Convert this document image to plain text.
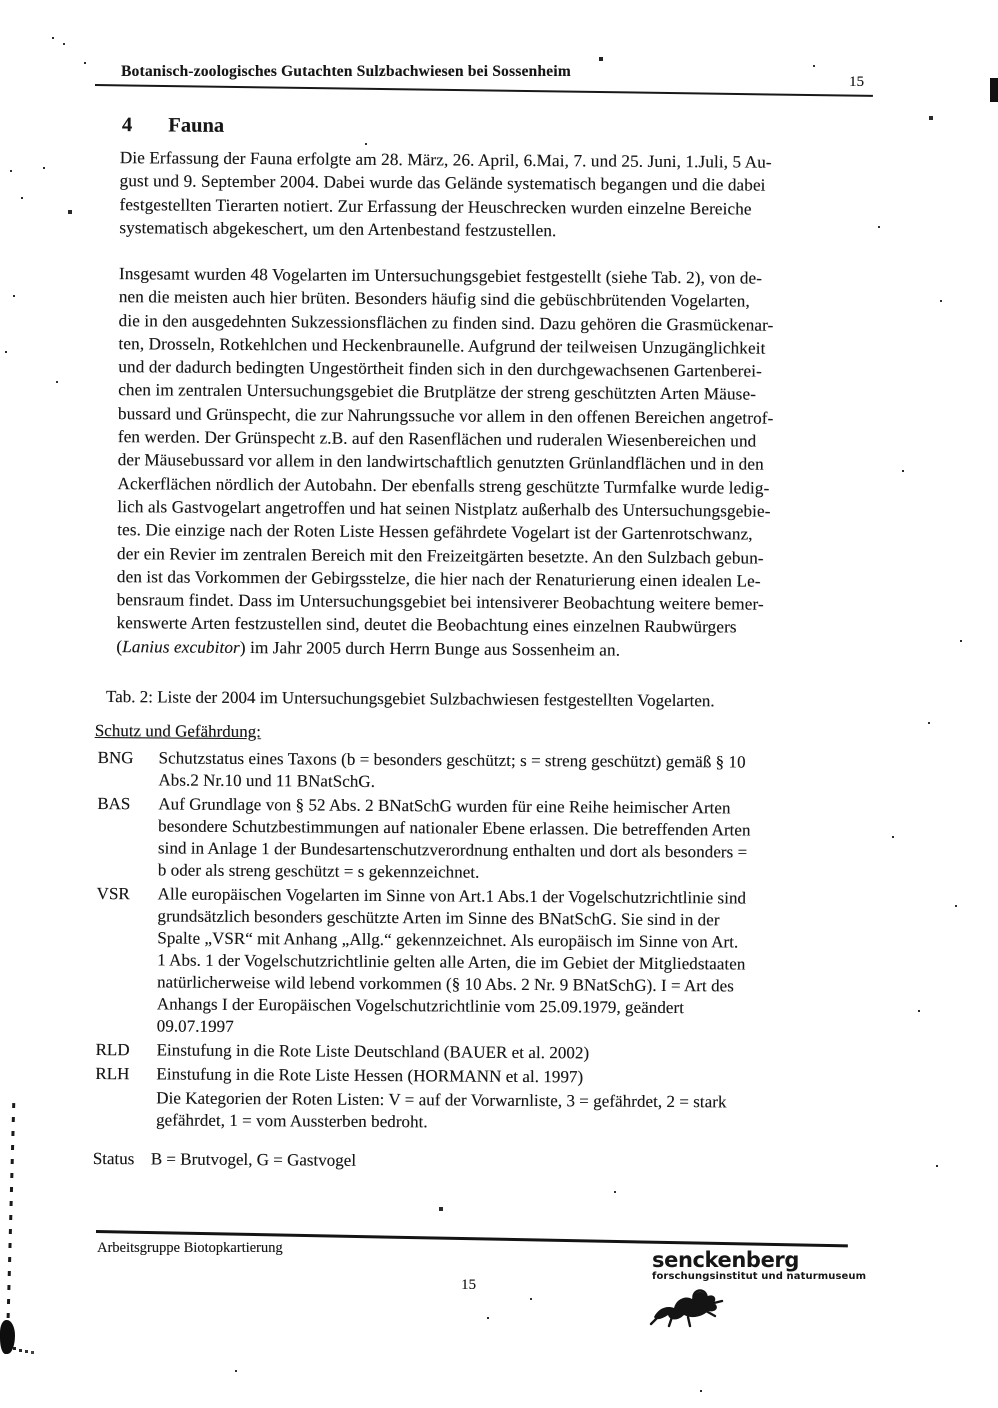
Botanisch-zoologisches Gutachten Sulzbachwiesen bei Sossenheim
15
4 Fauna
Die Erfassung der Fauna erfolgte am 28. März, 26. April, 6.Mai, 7. und 25. Juni, 1.Juli, 5 Au-
gust und 9. September 2004. Dabei wurde das Gelände systematisch begangen und die dabei
festgestellten Tierarten notiert. Zur Erfassung der Heuschrecken wurden einzelne Bereiche
systematisch abgekeschert, um den Artenbestand festzustellen.
Insgesamt wurden 48 Vogelarten im Untersuchungsgebiet festgestellt (siehe Tab. 2), von de-
nen die meisten auch hier brüten. Besonders häufig sind die gebüschbrütenden Vogelarten,
die in den ausgedehnten Sukzessionsflächen zu finden sind. Dazu gehören die Grasmückenar-
ten, Drosseln, Rotkehlchen und Heckenbraunelle. Aufgrund der teilweisen Unzugänglichkeit
und der dadurch bedingten Ungestörtheit finden sich in den durchgewachsenen Gartenberei-
chen im zentralen Untersuchungsgebiet die Brutplätze der streng geschützten Arten Mäuse-
bussard und Grünspecht, die zur Nahrungssuche vor allem in den offenen Bereichen angetrof-
fen werden. Der Grünspecht z.B. auf den Rasenflächen und ruderalen Wiesenbereichen und
der Mäusebussard vor allem in den landwirtschaftlich genutzten Grünlandflächen und in den
Ackerflächen nördlich der Autobahn. Der ebenfalls streng geschützte Turmfalke wurde ledig-
lich als Gastvogelart angetroffen und hat seinen Nistplatz außerhalb des Untersuchungsgebie-
tes. Die einzige nach der Roten Liste Hessen gefährdete Vogelart ist der Gartenrotschwanz,
der ein Revier im zentralen Bereich mit den Freizeitgärten besetzte. An den Sulzbach gebun-
den ist das Vorkommen der Gebirgsstelze, die hier nach der Renaturierung einen idealen Le-
bensraum findet. Dass im Untersuchungsgebiet bei intensiverer Beobachtung weitere bemer-
kenswerte Arten festzustellen sind, deutet die Beobachtung eines einzelnen Raubwürgers
(Lanius excubitor) im Jahr 2005 durch Herrn Bunge aus Sossenheim an.
Tab. 2: Liste der 2004 im Untersuchungsgebiet Sulzbachwiesen festgestellten Vogelarten.
Schutz und Gefährdung:
BNG	Schutzstatus eines Taxons (b = besonders geschützt; s = streng geschützt) gemäß § 10
Abs.2 Nr.10 und 11 BNatSchG.
BAS	Auf Grundlage von § 52 Abs. 2 BNatSchG wurden für eine Reihe heimischer Arten
besondere Schutzbestimmungen auf nationaler Ebene erlassen. Die betreffenden Arten
sind in Anlage 1 der Bundesartenschutzverordnung enthalten und dort als besonders =
b oder als streng geschützt = s gekennzeichnet.
VSR	Alle europäischen Vogelarten im Sinne von Art.1 Abs.1 der Vogelschutzrichtlinie sind
grundsätzlich besonders geschützte Arten im Sinne des BNatSchG. Sie sind in der
Spalte „VSR“ mit Anhang „Allg.“ gekennzeichnet. Als europäisch im Sinne von Art.
1 Abs. 1 der Vogelschutzrichtlinie gelten alle Arten, die im Gebiet der Mitgliedstaaten
natürlicherweise wild lebend vorkommen (§ 10 Abs. 2 Nr. 9 BNatSchG). I = Art des
Anhangs I der Europäischen Vogelschutzrichtlinie vom 25.09.1979, geändert
09.07.1997
RLD	Einstufung in die Rote Liste Deutschland (BAUER et al. 2002)
RLH	Einstufung in die Rote Liste Hessen (HORMANN et al. 1997)
Die Kategorien der Roten Listen: V = auf der Vorwarnliste, 3 = gefährdet, 2 = stark
gefährdet, 1 = vom Aussterben bedroht.
Status B = Brutvogel, G = Gastvogel
Arbeitsgruppe Biotopkartierung
15
senckenberg
forschungsinstitut und naturmuseum
